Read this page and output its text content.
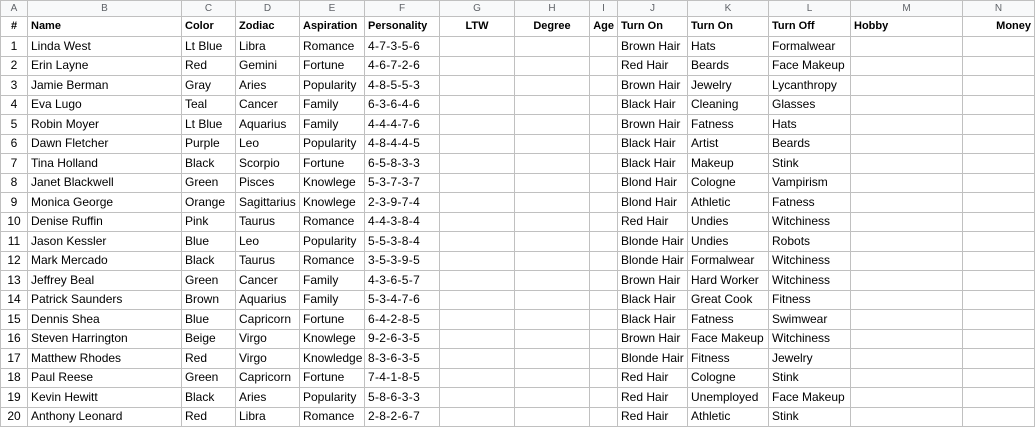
A	B	C	D	E	F	G	H	I	J	K	L	M	N
#	Name	Color	Zodiac	Aspiration	Personality	LTW	Degree	Age	Turn On	Turn On	Turn Off	Hobby	Money
1	Linda West	Lt Blue	Libra	Romance	4-7-3-5-6				Brown Hair	Hats	Formalwear		
2	Erin Layne	Red	Gemini	Fortune	4-6-7-2-6				Red Hair	Beards	Face Makeup		
3	Jamie Berman	Gray	Aries	Popularity	4-8-5-5-3				Brown Hair	Jewelry	Lycanthropy		
4	Eva Lugo	Teal	Cancer	Family	6-3-6-4-6				Black Hair	Cleaning	Glasses		
5	Robin Moyer	Lt Blue	Aquarius	Family	4-4-4-7-6				Brown Hair	Fatness	Hats		
6	Dawn Fletcher	Purple	Leo	Popularity	4-8-4-4-5				Black Hair	Artist	Beards		
7	Tina Holland	Black	Scorpio	Fortune	6-5-8-3-3				Black Hair	Makeup	Stink		
8	Janet Blackwell	Green	Pisces	Knowlege	5-3-7-3-7				Blond Hair	Cologne	Vampirism		
9	Monica George	Orange	Sagittarius	Knowlege	2-3-9-7-4				Blond Hair	Athletic	Fatness		
10	Denise Ruffin	Pink	Taurus	Romance	4-4-3-8-4				Red Hair	Undies	Witchiness		
11	Jason Kessler	Blue	Leo	Popularity	5-5-3-8-4				Blonde Hair	Undies	Robots		
12	Mark Mercado	Black	Taurus	Romance	3-5-3-9-5				Blonde Hair	Formalwear	Witchiness		
13	Jeffrey Beal	Green	Cancer	Family	4-3-6-5-7				Brown Hair	Hard Worker	Witchiness		
14	Patrick Saunders	Brown	Aquarius	Family	5-3-4-7-6				Black Hair	Great Cook	Fitness		
15	Dennis Shea	Blue	Capricorn	Fortune	6-4-2-8-5				Black Hair	Fatness	Swimwear		
16	Steven Harrington	Beige	Virgo	Knowlege	9-2-6-3-5				Brown Hair	Face Makeup	Witchiness		
17	Matthew Rhodes	Red	Virgo	Knowledge	8-3-6-3-5				Blonde Hair	Fitness	Jewelry		
18	Paul Reese	Green	Capricorn	Fortune	7-4-1-8-5				Red Hair	Cologne	Stink		
19	Kevin Hewitt	Black	Aries	Popularity	5-8-6-3-3				Red Hair	Unemployed	Face Makeup		
20	Anthony Leonard	Red	Libra	Romance	2-8-2-6-7				Red Hair	Athletic	Stink		
